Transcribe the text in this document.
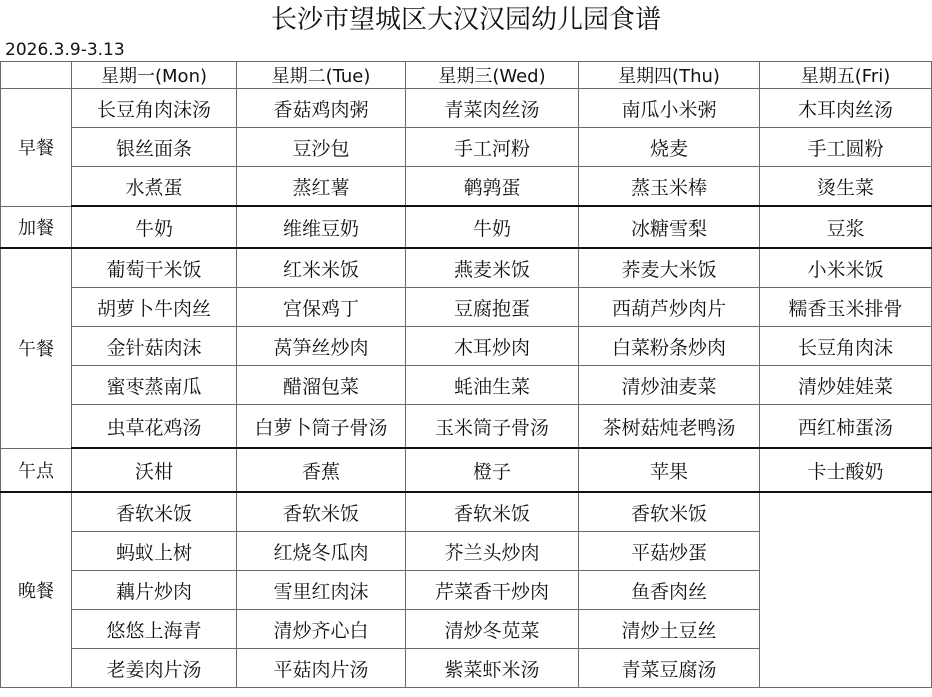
长沙市望城区大汉汉园幼儿园食谱
2026.3.9-3.13
	星期一(Mon)	星期二(Tue)	星期三(Wed)	星期四(Thu)	星期五(Fri)
早餐	长豆角肉沫汤	香菇鸡肉粥	青菜肉丝汤	南瓜小米粥	木耳肉丝汤
	银丝面条	豆沙包	手工河粉	烧麦	手工圆粉
	水煮蛋	蒸红薯	鹌鹑蛋	蒸玉米棒	烫生菜
加餐	牛奶	维维豆奶	牛奶	冰糖雪梨	豆浆
午餐	葡萄干米饭	红米米饭	燕麦米饭	荞麦大米饭	小米米饭
	胡萝卜牛肉丝	宫保鸡丁	豆腐抱蛋	西葫芦炒肉片	糯香玉米排骨
	金针菇肉沫	莴笋丝炒肉	木耳炒肉	白菜粉条炒肉	长豆角肉沫
	蜜枣蒸南瓜	醋溜包菜	蚝油生菜	清炒油麦菜	清炒娃娃菜
	虫草花鸡汤	白萝卜筒子骨汤	玉米筒子骨汤	茶树菇炖老鸭汤	西红柿蛋汤
午点	沃柑	香蕉	橙子	苹果	卡士酸奶
晚餐	香软米饭	香软米饭	香软米饭	香软米饭	
	蚂蚁上树	红烧冬瓜肉	芥兰头炒肉	平菇炒蛋	
	藕片炒肉	雪里红肉沫	芹菜香干炒肉	鱼香肉丝	
	悠悠上海青	清炒齐心白	清炒冬苋菜	清炒土豆丝	
	老姜肉片汤	平菇肉片汤	紫菜虾米汤	青菜豆腐汤	
